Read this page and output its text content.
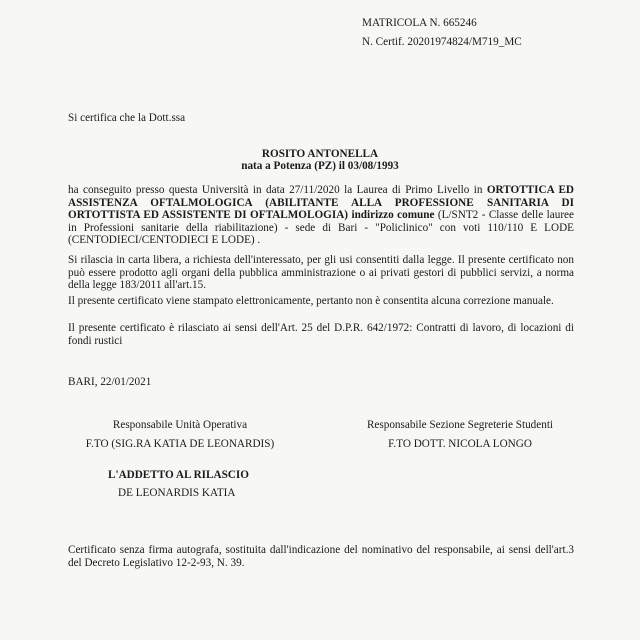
MATRICOLA N. 665246
N. Certif. 20201974824/M719_MC
Si certifica che la Dott.ssa
ROSITO ANTONELLA
nata a Potenza (PZ) il 03/08/1993
ha conseguito presso questa Università in data 27/11/2020 la Laurea di Primo Livello in ORTOTTICA ED ASSISTENZA OFTALMOLOGICA (ABILITANTE ALLA PROFESSIONE SANITARIA DI ORTOTTISTA ED ASSISTENTE DI OFTALMOLOGIA) indirizzo comune (L/SNT2 - Classe delle lauree in Professioni sanitarie della riabilitazione) - sede di Bari - "Policlinico" con voti 110/110 E LODE (CENTODIECI/CENTODIECI E LODE) .
Si rilascia in carta libera, a richiesta dell'interessato, per gli usi consentiti dalla legge. Il presente certificato non può essere prodotto agli organi della pubblica amministrazione o ai privati gestori di pubblici servizi, a norma della legge 183/2011 all'art.15.
Il presente certificato viene stampato elettronicamente, pertanto non è consentita alcuna correzione manuale.
Il presente certificato è rilasciato ai sensi dell'Art. 25 del D.P.R. 642/1972: Contratti di lavoro, di locazioni di fondi rustici
BARI, 22/01/2021
Responsabile Unità Operativa
F.TO (SIG.RA KATIA DE LEONARDIS)
Responsabile Sezione Segreterie Studenti
F.TO DOTT. NICOLA LONGO
L'ADDETTO AL RILASCIO
DE LEONARDIS KATIA
Certificato senza firma autografa, sostituita dall'indicazione del nominativo del responsabile, ai sensi dell'art.3 del Decreto Legislativo 12-2-93, N. 39.
